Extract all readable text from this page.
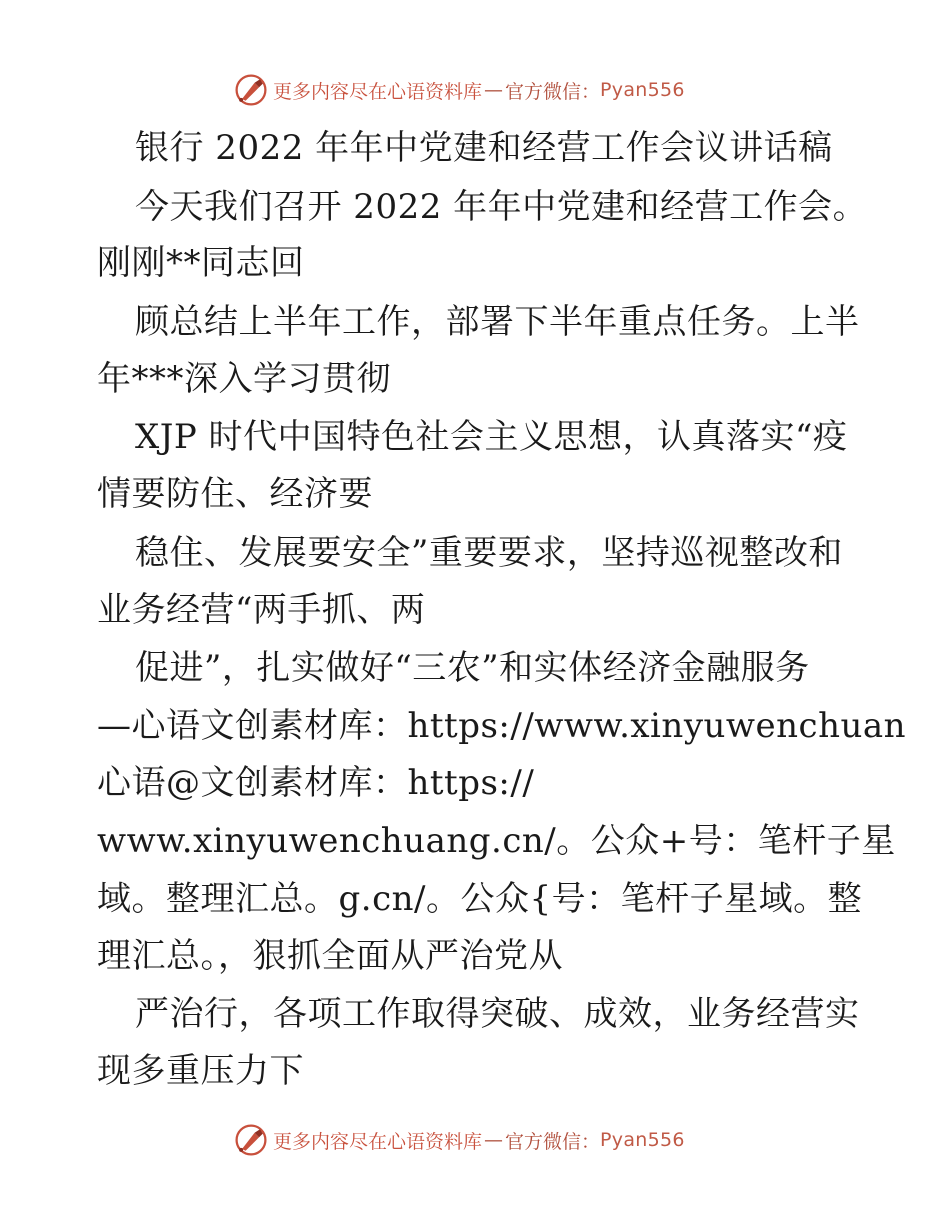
更多内容尽在心语资料库 — 官方微信： Pyan556
银行 2022 年年中党建和经营工作会议讲话稿
今天我们召开 2022 年年中党建和经营工作会。
刚刚**同志回
顾总结上半年工作，部署下半年重点任务。上半
年***深入学习贯彻
XJP 时代中国特色社会主义思想，认真落实“疫
情要防住、经济要
稳住、发展要安全”重要要求，坚持巡视整改和
业务经营“两手抓、两
促进”，扎实做好“三农”和实体经济金融服务
—心语文创素材库：https://www.xinyuwenchuan
心语@文创素材库：https://
www.xinyuwenchuang.cn/。公众+号：笔杆子星
域。整理汇总。g.cn/。公众{号：笔杆子星域。整
理汇总。，狠抓全面从严治党从
严治行，各项工作取得突破、成效，业务经营实
现多重压力下
更多内容尽在心语资料库 — 官方微信： Pyan556
